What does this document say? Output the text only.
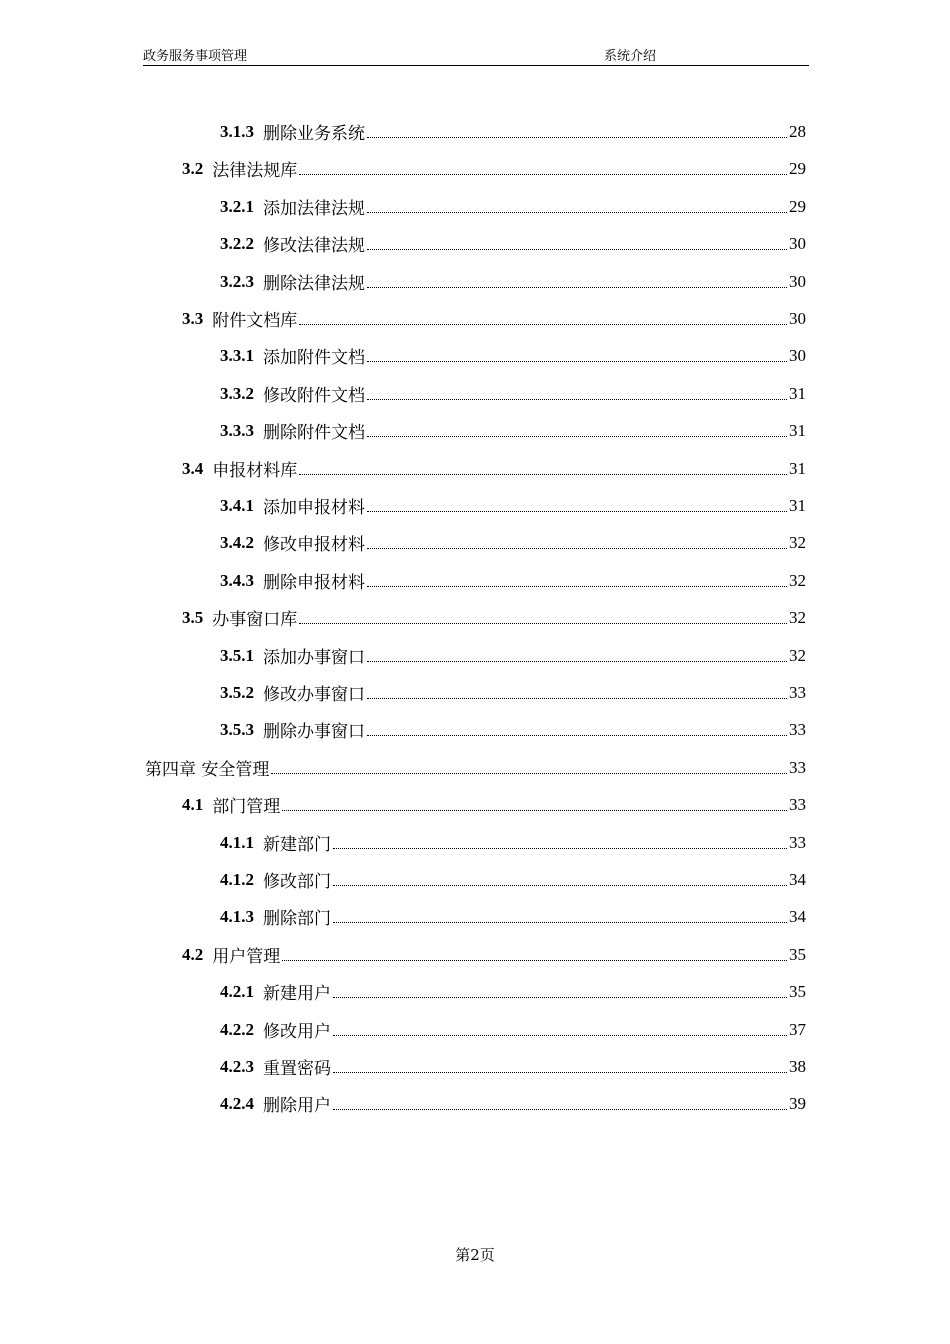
政务服务事项管理	系统介绍
3.1.3 删除业务系统	28
3.2 法律法规库	29
3.2.1 添加法律法规	29
3.2.2 修改法律法规	30
3.2.3 删除法律法规	30
3.3 附件文档库	30
3.3.1 添加附件文档	30
3.3.2 修改附件文档	31
3.3.3 删除附件文档	31
3.4 申报材料库	31
3.4.1 添加申报材料	31
3.4.2 修改申报材料	32
3.4.3 删除申报材料	32
3.5 办事窗口库	32
3.5.1 添加办事窗口	32
3.5.2 修改办事窗口	33
3.5.3 删除办事窗口	33
第四章 安全管理	33
4.1 部门管理	33
4.1.1 新建部门	33
4.1.2 修改部门	34
4.1.3 删除部门	34
4.2 用户管理	35
4.2.1 新建用户	35
4.2.2 修改用户	37
4.2.3 重置密码	38
4.2.4 删除用户	39
第2页
